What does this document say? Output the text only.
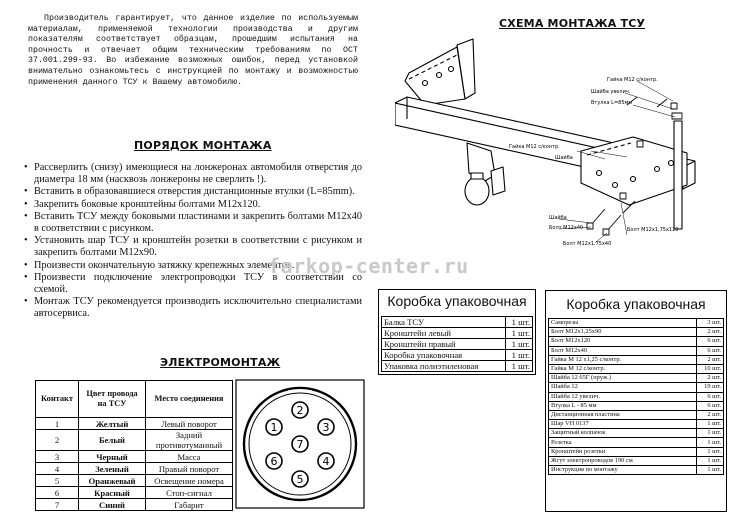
Производитель гарантирует, что данное изделие по используемым материалам, применяемой технологии производства и другим показателям соответствует образцам, прошедшим испытания на прочность и отвечает общим техническим требованиям по ОСТ 37.001.299-93. Во избежание возможных ошибок, перед установкой внимательно ознакомьтесь с инструкцией по монтажу и возможностью применения данного ТСУ к Вашему автомобилю.
ПОРЯДОК МОНТАЖА
• Рассверлить (снизу) имеющиеся на лонжеронах автомобиля отверстия до диаметра 18 мм (насквозь лонжероны не сверлить !).
• Вставить в образовавшиеся отверстия дистанционные втулки (L=85mm).
• Закрепить боковые кронштейны болтами M12х120.
• Вставить ТСУ между боковыми пластинами и закрепить болтами M12х40 в соответствии с рисунком.
• Установить шар ТСУ и кронштейн розетки в соответствии с рисунком и закрепить болтами M12х90.
• Произвести окончательную затяжку крепежных элементов.
• Произвести подключение электропроводки ТСУ в соответствии со схемой.
• Монтаж ТСУ рекомендуется производить исключительно специалистами автосервиса.
ЭЛЕКТРОМОНТАЖ
Контакт	Цвет провода на ТСУ	Место соединения
1	Желтый	Левый поворот
2	Белый	Задний противотуманный
3	Черный	Масса
4	Зеленый	Правый поворот
5	Оранжевый	Освещение номера
6	Красный	Стоп-сигнал
7	Синий	Габарит
1
2
3
4
5
6
7
СХЕМА МОНТАЖА ТСУ
Гайка M12 с/контр.
Шайба увелич.
Втулка L=85мм
Гайка M12 с/контр.
Шайба
Шайба
Болт M12х40	Болт M12х1,75х120
Болт M12х1,75х40
farkop-center.ru
Коробка упаковочная
Балка ТСУ	1 шт.
Кронштейн левый	1 шт.
Кронштейн правый	1 шт.
Коробка упаковочная	1 шт.
Упаковка полиэтиленовая	1 шт.
Коробка упаковочная
Саморезы	3 шт.
Болт M12х1,25х90	2 шт.
Болт M12х120	6 шт.
Болт M12х40	6 шт.
Гайка M 12 х1,25 с/контр.	2 шт.
Гайка M 12 с/контр.	10 шт.
Шайба 12 65Г (пруж.)	2 шт.
Шайба 12	19 шт.
Шайба 12 увелич.	6 шт.
Втулка L - 85 мм	6 шт.
Дистанционная пластина	2 шт.
Шар VH 0137	1 шт.
Защитный колпачок	1 шт.
Розетка	1 шт.
Кронштейн розетки	1 шт.
Жгут электропроводов 190 см	1 шт.
Инструкция по монтажу	1 шт.
